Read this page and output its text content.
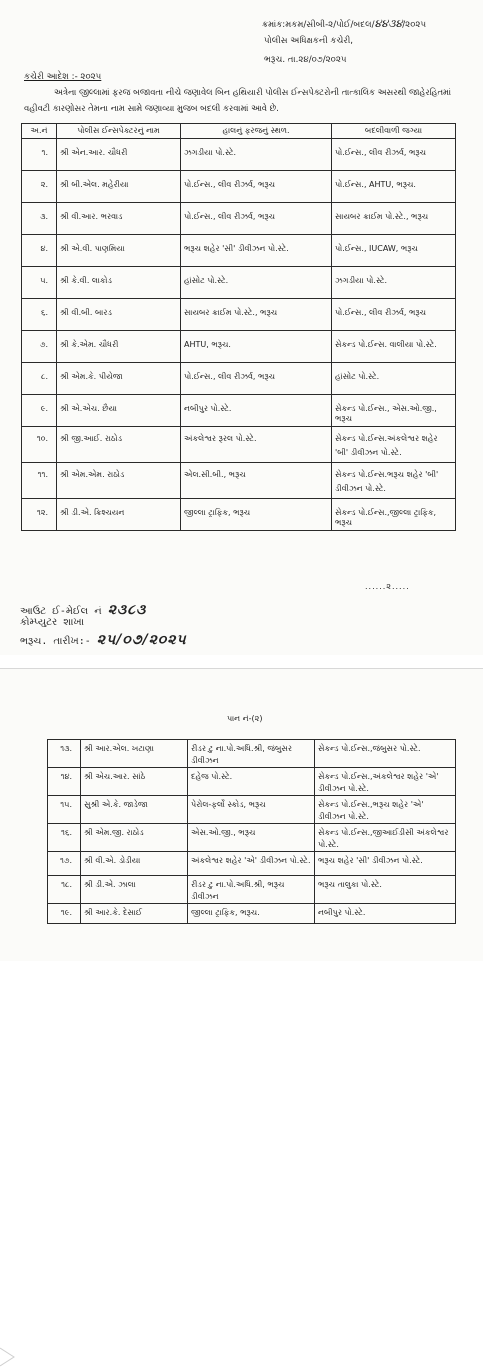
ક્રમાંક:મકમ/સીબી-૨/પોઈ/બદલ/૪૪૩૪/૨૦૨૫
પોલીસ અધિક્ષકની કચેરી,
ભરૂચ. તા.૨૪/૦૭/૨૦૨૫
કચેરી આદેશ :- ૨૦૨૫
અત્રેના જીલ્લામાં ફરજ બજાવતા નીચે જણાવેલ બિન હથિયારી પોલીસ ઈન્સપેક્ટરોની તાત્કાલિક અસરથી જાહેરહિતમાં વહીવટી કારણોસર તેમના નામ સામે જણાવ્યા મુજબ બદલી કરવામાં આવે છે.
અ.નં	પોલીસ ઈન્સપેક્ટરનું નામ	હાલનું ફરજનું સ્થળ.	બદલીવાળી જગ્યા
૧.	શ્રી એન.આર. ચૌધરી	ઝગડીયા પો.સ્ટે.	પો.ઈન્સ., લીવ રીઝર્વ, ભરૂચ
૨.	શ્રી બી.એલ. મહેરીયા	પો.ઈન્સ., લીવ રીઝર્વ, ભરૂચ	પો.ઈન્સ., AHTU, ભરૂચ.
૩.	શ્રી વી.આર. ભરવાડ	પો.ઈન્સ., લીવ રીઝર્વ, ભરૂચ	સાયબર ક્રાઈમ પો.સ્ટે., ભરૂચ
૪.	શ્રી એ.વી. પાણમિયા	ભરૂચ શહેર 'સી' ડીવીઝન પો.સ્ટે.	પો.ઈન્સ., IUCAW, ભરૂચ
૫.	શ્રી કે.વી. લાકોડ	હાંસોટ પો.સ્ટે.	ઝગડીયા પો.સ્ટે.
૬.	શ્રી વી.બી. બારડ	સાયબર ક્રાઈમ પો.સ્ટે., ભરૂચ	પો.ઈન્સ., લીવ રીઝર્વ, ભરૂચ
૭.	શ્રી કે.એમ. ચૌધરી	AHTU, ભરૂચ.	સેકન્ડ પો.ઈન્સ. વાલીયા પો.સ્ટે.
૮.	શ્રી એમ.કે. પીયેજા	પો.ઈન્સ., લીવ રીઝર્વ, ભરૂચ	હાંસોટ પો.સ્ટે.
૯.	શ્રી એ.એચ. છૈયા	નબીપુર પો.સ્ટે.	સેકન્ડ પો.ઈન્સ., એસ.ઓ.જી., ભરૂચ
૧૦.	શ્રી જી.આઈ. રાઠોડ	અંકલેશ્વર રૂરલ પો.સ્ટે.	સેકન્ડ પો.ઈન્સ.અંકલેશ્વર શહેર 'બી' ડીવીઝન પો.સ્ટે.
૧૧.	શ્રી એમ.એમ. રાઠોડ	એલ.સી.બી., ભરૂચ	સેકન્ડ પો.ઈન્સ.ભરૂચ શહેર 'બી' ડીવીઝન પો.સ્ટે.
૧૨.	શ્રી ડી.એ. ક્રિશ્ચયન	જીલ્લા ટ્રાફિક, ભરૂચ	સેકન્ડ પો.ઈન્સ.,જીલ્લા ટ્રાફિક, ભરૂચ
......૨.....
આઉટ ઈ-મેઈલ નં ૨૩૮૩
કોમ્પ્યુટર શાખા
ભરૂચ. તારીખ:- ૨૫/૦૭/૨૦૨૫
પાન નં-(૨)
૧૩.	શ્રી આર.એલ. ખટાણા	રીડર ટુ ના.પો.અધિ.શ્રી, જંબુસર ડીવીઝન	સેકન્ડ પો.ઈન્સ.,જંબુસર પો.સ્ટે.
૧૪.	શ્રી એચ.આર. સાંઠે	દહેજ પો.સ્ટે.	સેકન્ડ પો.ઈન્સ.,અંકલેશ્વર શહેર 'એ' ડીવીઝન પો.સ્ટે.
૧૫.	સુશ્રી એ.કે. જાડેજા	પેરોલ-ફર્લો સ્કોડ, ભરૂચ	સેકન્ડ પો.ઈન્સ.,ભરૂચ શહેર 'એ' ડીવીઝન પો.સ્ટે.
૧૬.	શ્રી એમ.જી. રાઠોડ	એસ.ઓ.જી., ભરૂચ	સેકન્ડ પો.ઈન્સ.,જીઆઈડીસી અંકલેશ્વર પો.સ્ટે.
૧૭.	શ્રી વી.એ. ડોડીયા	અંકલેશ્વર શહેર 'એ' ડીવીઝન પો.સ્ટે.	ભરૂચ શહેર 'સી' ડીવીઝન પો.સ્ટે.
૧૮.	શ્રી ડી.એ. ઝાલા	રીડર ટુ ના.પો.અધિ.શ્રી, ભરૂચ ડીવીઝન	ભરૂચ તાલુકા પો.સ્ટે.
૧૯.	શ્રી આર.કે. દેસાઈ	જીલ્લા ટ્રાફિક, ભરૂચ.	નબીપુર પો.સ્ટે.
